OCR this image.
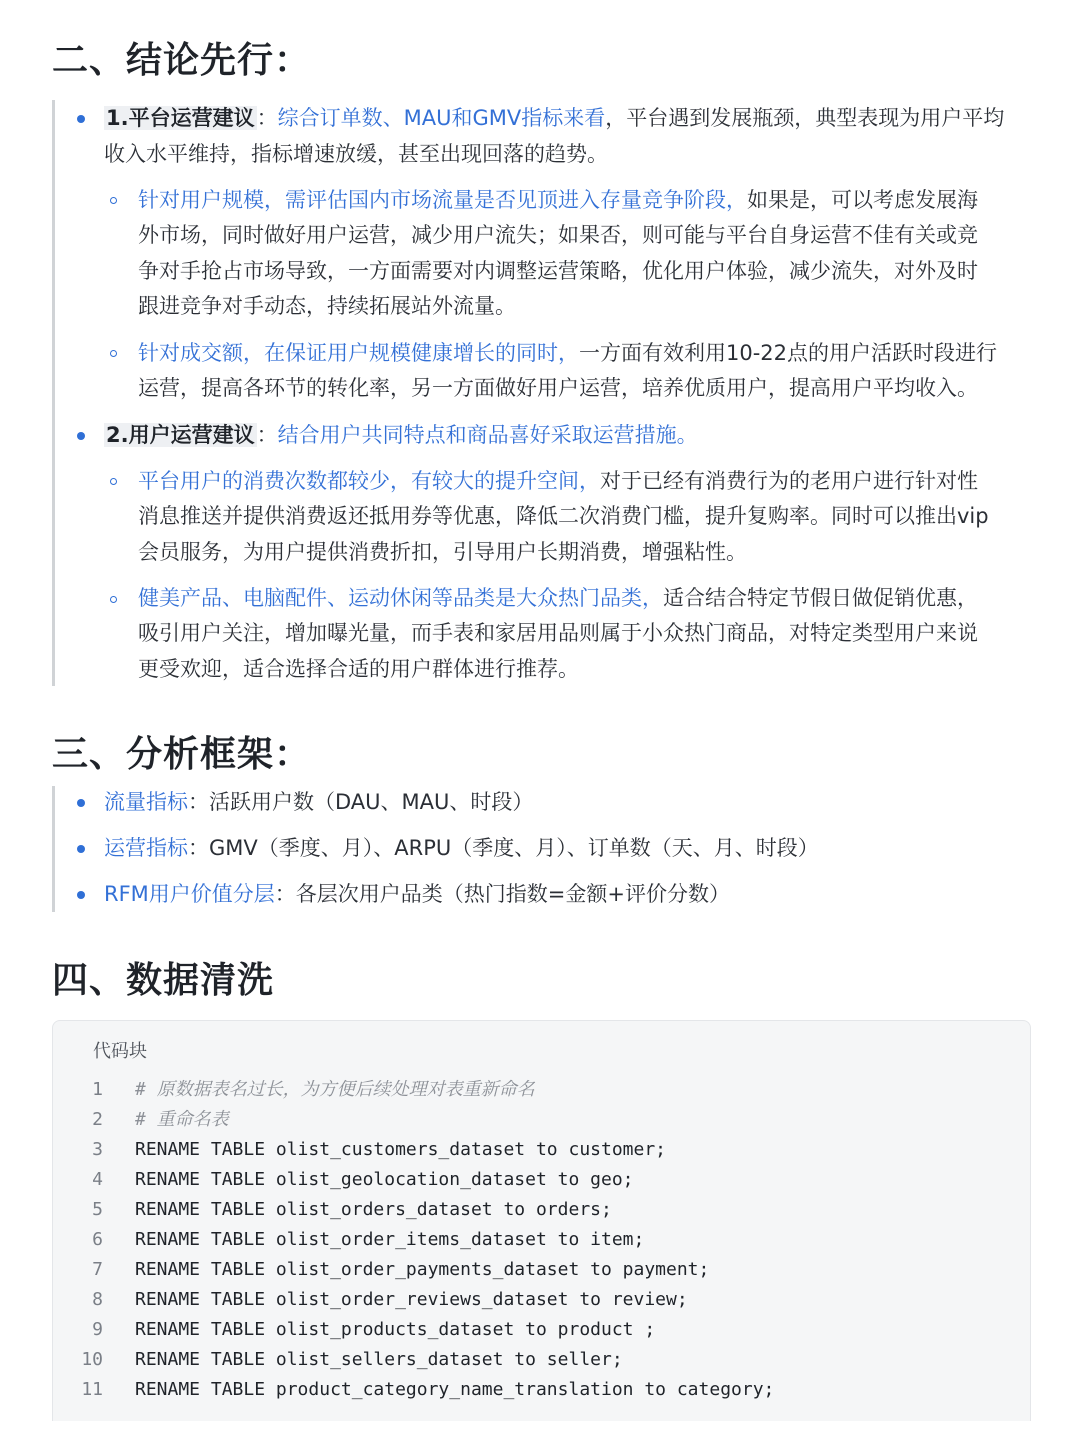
二、结论先行：
1.平台运营建议：综合订单数、MAU和GMV指标来看，平台遇到发展瓶颈，典型表现为用户平均
收入水平维持，指标增速放缓，甚至出现回落的趋势。
针对用户规模，需评估国内市场流量是否见顶进入存量竞争阶段，如果是，可以考虑发展海
外市场，同时做好用户运营，减少用户流失；如果否，则可能与平台自身运营不佳有关或竞
争对手抢占市场导致，一方面需要对内调整运营策略，优化用户体验，减少流失，对外及时
跟进竞争对手动态，持续拓展站外流量。
针对成交额，在保证用户规模健康增长的同时，一方面有效利用10-22点的用户活跃时段进行
运营，提高各环节的转化率，另一方面做好用户运营，培养优质用户，提高用户平均收入。
2.用户运营建议：结合用户共同特点和商品喜好采取运营措施。
平台用户的消费次数都较少，有较大的提升空间，对于已经有消费行为的老用户进行针对性
消息推送并提供消费返还抵用券等优惠，降低二次消费门槛，提升复购率。同时可以推出vip
会员服务，为用户提供消费折扣，引导用户长期消费，增强粘性。
健美产品、电脑配件、运动休闲等品类是大众热门品类，适合结合特定节假日做促销优惠，
吸引用户关注，增加曝光量，而手表和家居用品则属于小众热门商品，对特定类型用户来说
更受欢迎，适合选择合适的用户群体进行推荐。
三、分析框架：
流量指标：活跃用户数（DAU、MAU、时段）
运营指标：GMV（季度、月）、ARPU（季度、月）、订单数（天、月、时段）
RFM用户价值分层：各层次用户品类（热门指数=金额+评价分数）
四、数据清洗
代码块
1 # 原数据表名过长，为方便后续处理对表重新命名
2 # 重命名表
3 RENAME TABLE olist_customers_dataset to customer;
4 RENAME TABLE olist_geolocation_dataset to geo;
5 RENAME TABLE olist_orders_dataset to orders;
6 RENAME TABLE olist_order_items_dataset to item;
7 RENAME TABLE olist_order_payments_dataset to payment;
8 RENAME TABLE olist_order_reviews_dataset to review;
9 RENAME TABLE olist_products_dataset to product ;
10 RENAME TABLE olist_sellers_dataset to seller;
11 RENAME TABLE product_category_name_translation to category;
